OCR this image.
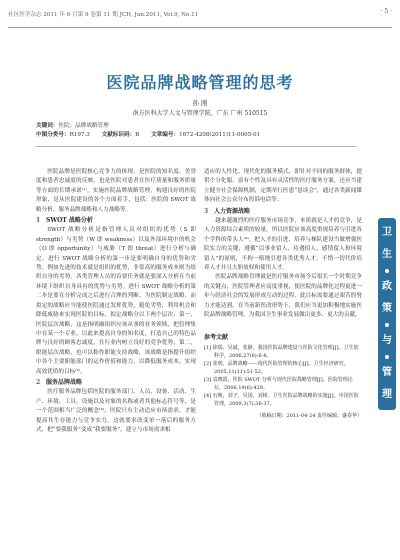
社区医学杂志 2011 年 6 月第 9 卷第 11 期 JCH, Jun.2011, Vol.9, No.11	· 5 ·
医院品牌战略管理的思考
孙 刚
南方医科大学人文与管理学院，广东 广州 510515
关键词：医院；品牌战略管理
中图分类号：R197.3 文献标识码：B 文章编号：1672-4208(2011)11-0005-01

医院品牌是医院核心竞争力的体现，是医院的知名度、美誉度和患者忠诚度的反映。也是医院对患者在医疗质量和服务质量等方面的长期承诺⁽¹⁾。实施医院品牌战略管理，构建良好的医院形象，是从医院建设的各个方面着手，包括：医院的 SWOT 战略分析、服务品牌战略和人力战略等。

1 SWOT 战略分析

SWOT 战略分析是指管理人员对组织的优势（S 即 strength）与劣势（W 即 weakness）以及外部环境中的机会（O 即 opportunity）与威胁（T 即 threat）进行分析与确定。进行 SWOT 战略分析的第一步是要明确自身的优势和劣势。例如先进的技术就是组织的优势，非常高的服务成本则为组织自身的劣势。各类管理人员的首要任务就是要深入分析在当前环境下组织自身具有的优势与劣势。进行 SWOT 战略分析的第二步是要在分析完成之后进行合理的判断、为医院制定战略。而拟定的战略应当能使医院通过发挥优势，避免劣势，利用机会和降低威胁来实现医院的目标。拟定战略分以下两个层次：第一，医院层次战略，这是指明确组织应该从事的业务领域，把管理集中在某一个专业，以此来提高自身的知名度，打造自己的特色品牌与良好的顾客忠诚度。在行业内树立良好的竞争优势，第二，职能层次战略，也可以称作职能支持战略，该战略是指提升组织中各个主要职能部门的运作价值和能力，以降低服务成本，实现高效优质的目标⁽²⁾。

2 服务品牌战略

医疗服务品牌包括医院的服务部门、人员、设备、活动、生产、环境、工具、设施以及对象的名称或者其他标志符号等，是一个范围相当广泛的概念⁽³⁾。医院只有主动适应市场需求，才能提高其生存能力与竞争实力。这就要求改变单一落后的服务方式，把“要我服务”变成“我要服务”，建立与市场需求相

适应的人性化、现代化的服务模式，即针对不同的服务群体，提供个分化服、富有个性及具有灵活性的医疗服务方案，还应当建立健全社会保障机制，定期举行医患“恳谈会”，通过各类新闻媒体向社会公众分布投诉电话等。

3 人力资源战略

越来越激烈的医疗服务市场竞争，本质就是人才的竞争，是人力资源综合素质的较量，所以医院应该高度重视培养与引进各个学科的带头人⁽⁴⁾。把人才的引进、培养与梯队建设当做增强医院实力的关键，遵循“以事业留人、待遇招人、感情留人和环境留人”的原则，不拘一格地引进各类优秀人才，不惜一切代价培养人才并且大胆放权和使用人才。

医院品牌战略管理就是医疗服务市场今后很长一个时期竞争的关键点，医院管理者应高度重视，使医院的品牌化过程更进一步与经济社会的发展形成互动的过程，此目标需要通过艰苦的努力才能达到。在当前新医改形势下，我们应当更加积极地实施医院品牌战略管理，为我国卫生事业发展做出更多、更大的贡献。

参考文献
[1] 徐瑞，吴斌，张静。我国医院品牌建设与医院文化管理[J]。卫生软科学，2006,27(6):6-8。
[2] 张明，品牌战略——现代医院管理的核心[J]。卫生经济研究，2005,11(11):51-52。
[3] 袁晓霞，医院 SWOT 分析与现代医院战略管理[J]。医院管理论坛，2006,19(6):429。
[4] 石焕，刘子，吴国，刘树。卫生医院品牌战略的实施[J]。中国医院管理，2009,3(7):36-37。
（收稿日期：2011-04-24 责任编辑：盛春华）
卫
生
政
策
与
管
理
